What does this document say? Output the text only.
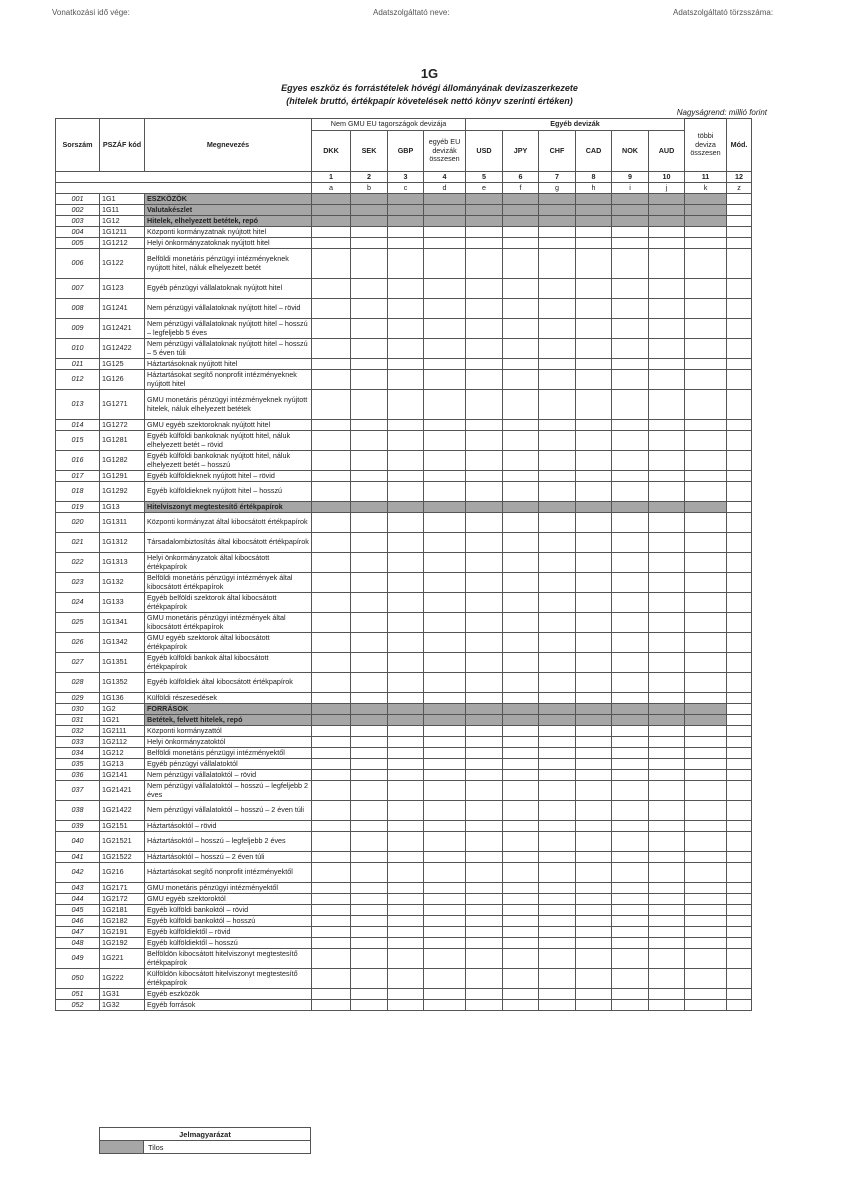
Vonatkozási idő vége:	Adatszolgáltató neve:	Adatszolgáltató törzsszáma:
1G
Egyes eszköz és forrástételek hóvégi állományának devizaszerkezete
(hitelek bruttó, értékpapír követelések nettó könyv szerinti értéken)
Nagyságrend: millió forint
Sorszám	PSZÁF kód	Megnevezés	Nem GMU EU tagországok devizája				Egyéb devizák						többi deviza összesen	Mód.
			DKK	SEK	GBP	egyéb EU devizák összesen	USD	JPY	CHF	CAD	NOK	AUD		
			1	2	3	4	5	6	7	8	9	10	11	12
			a	b	c	d	e	f	g	h	i	j	k	z
001	1G1	ESZKÖZÖK												
002	1G11	Valutakészlet												
003	1G12	Hitelek, elhelyezett betétek, repó												
004	1G1211	Központi kormányzatnak nyújtott hitel												
005	1G1212	Helyi önkormányzatoknak nyújtott hitel												
006	1G122	Belföldi monetáris pénzügyi intézményeknek nyújtott hitel, náluk elhelyezett betét												
007	1G123	Egyéb pénzügyi vállalatoknak nyújtott hitel												
008	1G1241	Nem pénzügyi vállalatoknak nyújtott hitel – rövid												
009	1G12421	Nem pénzügyi vállalatoknak nyújtott hitel – hosszú – legfeljebb 5 éves												
010	1G12422	Nem pénzügyi vállalatoknak nyújtott hitel – hosszú – 5 éven túli												
011	1G125	Háztartásoknak nyújtott hitel												
012	1G126	Háztartásokat segítő nonprofit intézményeknek nyújtott hitel												
013	1G1271	GMU monetáris pénzügyi intézményeknek nyújtott hitelek, náluk elhelyezett betétek												
014	1G1272	GMU egyéb szektoroknak nyújtott hitel												
015	1G1281	Egyéb külföldi bankoknak nyújtott hitel, náluk elhelyezett betét – rövid												
016	1G1282	Egyéb külföldi bankoknak nyújtott hitel, náluk elhelyezett betét – hosszú												
017	1G1291	Egyéb külföldieknek nyújtott hitel – rövid												
018	1G1292	Egyéb külföldieknek nyújtott hitel – hosszú												
019	1G13	Hitelviszonyt megtestesítő értékpapírok												
020	1G1311	Központi kormányzat által kibocsátott értékpapírok												
021	1G1312	Társadalombiztosítás által kibocsátott értékpapírok												
022	1G1313	Helyi önkormányzatok által kibocsátott értékpapírok												
023	1G132	Belföldi monetáris pénzügyi intézmények által kibocsátott értékpapírok												
024	1G133	Egyéb belföldi szektorok által kibocsátott értékpapírok												
025	1G1341	GMU monetáris pénzügyi intézmények által kibocsátott értékpapírok												
026	1G1342	GMU egyéb szektorok által kibocsátott értékpapírok												
027	1G1351	Egyéb külföldi bankok által kibocsátott értékpapírok												
028	1G1352	Egyéb külföldiek által kibocsátott értékpapírok												
029	1G136	Külföldi részesedések												
030	1G2	FORRÁSOK												
031	1G21	Betétek, felvett hitelek, repó												
032	1G2111	Központi kormányzattól												
033	1G2112	Helyi önkormányzatoktól												
034	1G212	Belföldi monetáris pénzügyi intézményektől												
035	1G213	Egyéb pénzügyi vállalatoktól												
036	1G2141	Nem pénzügyi vállalatoktól – rövid												
037	1G21421	Nem pénzügyi vállalatoktól – hosszú – legfeljebb 2 éves												
038	1G21422	Nem pénzügyi vállalatoktól – hosszú – 2 éven túli												
039	1G2151	Háztartásoktól – rövid												
040	1G21521	Háztartásoktól – hosszú – legfeljebb 2 éves												
041	1G21522	Háztartásoktól – hosszú – 2 éven túli												
042	1G216	Háztartásokat segítő nonprofit intézményektől												
043	1G2171	GMU monetáris pénzügyi intézményektől												
044	1G2172	GMU egyéb szektoroktól												
045	1G2181	Egyéb külföldi bankoktól – rövid												
046	1G2182	Egyéb külföldi bankoktól – hosszú												
047	1G2191	Egyéb külföldiektől – rövid												
048	1G2192	Egyéb külföldiektől – hosszú												
049	1G221	Belföldön kibocsátott hitelviszonyt megtestesítő értékpapírok												
050	1G222	Külföldön kibocsátott hitelviszonyt megtestesítő értékpapírok												
051	1G31	Egyéb eszközök												
052	1G32	Egyéb források												
Jelmagyarázat
	Tilos
